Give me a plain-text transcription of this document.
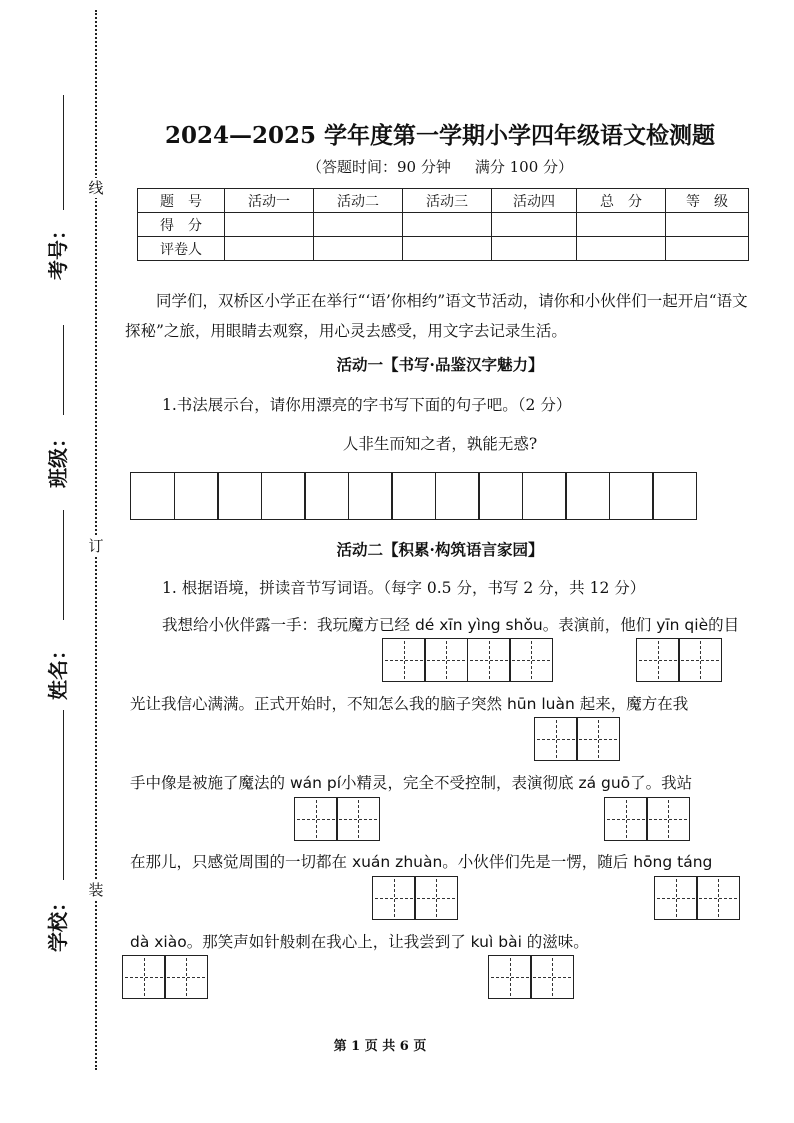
线
订
装
考号：
班级：
姓名：
学校：
2024—2025 学年度第一学期小学四年级语文检测题
（答题时间：90 分钟 满分 100 分）
题　号	活动一	活动二	活动三	活动四	总　分	等　级
得　分						
评卷人						
同学们，双桥区小学正在举行“‘语’你相约”语文节活动，请你和小伙伴们一起开启“语文探秘”之旅，用眼睛去观察，用心灵去感受，用文字去记录生活。
活动一【书写·品鉴汉字魅力】
1.书法展示台，请你用漂亮的字书写下面的句子吧。（2 分）
人非生而知之者，孰能无惑?
活动二【积累·构筑语言家园】
1. 根据语境，拼读音节写词语。（每字 0.5 分，书写 2 分，共 12 分）
我想给小伙伴露一手：我玩魔方已经 dé xīn yìng shǒu。表演前，他们 yīn qiè的目
光让我信心满满。正式开始时，不知怎么我的脑子突然 hūn luàn 起来，魔方在我
手中像是被施了魔法的 wán pí小精灵，完全不受控制，表演彻底 zá guō了。我站
在那儿，只感觉周围的一切都在 xuán zhuàn。小伙伴们先是一愣，随后 hōng táng
dà xiào。那笑声如针般刺在我心上，让我尝到了 kuì bài 的滋味。
第 1 页 共 6 页
